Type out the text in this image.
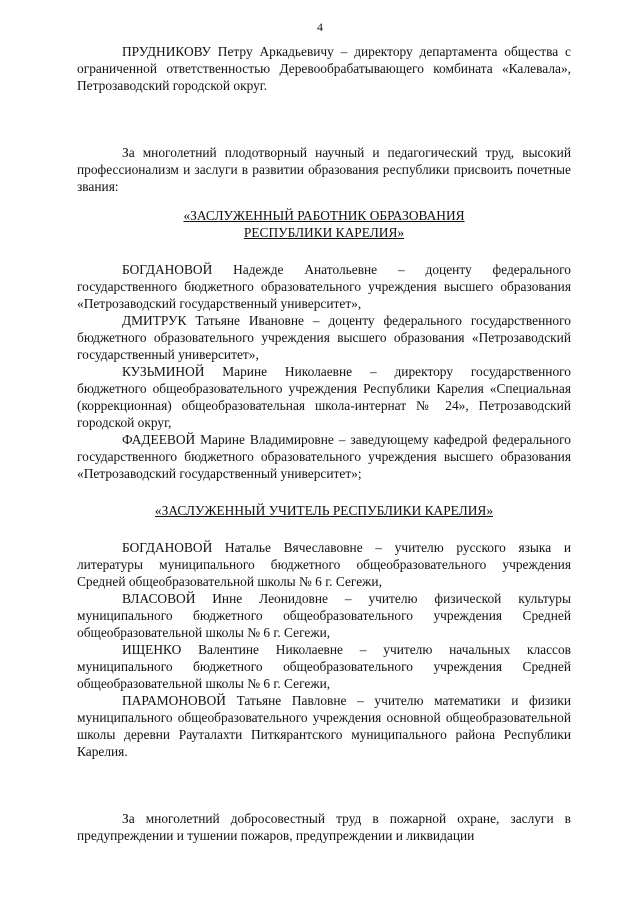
4

ПРУДНИКОВУ Петру Аркадьевичу – директору департамента общества с ограниченной ответственностью Деревообрабатывающего комбината «Калевала», Петрозаводский городской округ.

За многолетний плодотворный научный и педагогический труд, высокий профессионализм и заслуги в развитии образования республики присвоить почетные звания:

«ЗАСЛУЖЕННЫЙ РАБОТНИК ОБРАЗОВАНИЯ

РЕСПУБЛИКИ КАРЕЛИЯ»

БОГДАНОВОЙ Надежде Анатольевне – доценту федерального государственного бюджетного образовательного учреждения высшего образования «Петрозаводский государственный университет»,

ДМИТРУК Татьяне Ивановне – доценту федерального государственного бюджетного образовательного учреждения высшего образования «Петрозаводский государственный университет»,

КУЗЬМИНОЙ Марине Николаевне – директору государственного бюджетного общеобразовательного учреждения Республики Карелия «Специальная (коррекционная) общеобразовательная школа-интернат № 24», Петрозаводский городской округ,

ФАДЕЕВОЙ Марине Владимировне – заведующему кафедрой федерального государственного бюджетного образовательного учреждения высшего образования «Петрозаводский государственный университет»;

«ЗАСЛУЖЕННЫЙ УЧИТЕЛЬ РЕСПУБЛИКИ КАРЕЛИЯ»

БОГДАНОВОЙ Наталье Вячеславовне – учителю русского языка и литературы муниципального бюджетного общеобразовательного учреждения Средней общеобразовательной школы № 6 г. Сегежи,

ВЛАСОВОЙ Инне Леонидовне – учителю физической культуры муниципального бюджетного общеобразовательного учреждения Средней общеобразовательной школы № 6 г. Сегежи,

ИЩЕНКО Валентине Николаевне – учителю начальных классов муниципального бюджетного общеобразовательного учреждения Средней общеобразовательной школы № 6 г. Сегежи,

ПАРАМОНОВОЙ Татьяне Павловне – учителю математики и физики муниципального общеобразовательного учреждения основной общеобразовательной школы деревни Рауталахти Питкярантского муниципального района Республики Карелия.

За многолетний добросовестный труд в пожарной охране, заслуги в предупреждении и тушении пожаров, предупреждении и ликвидации
